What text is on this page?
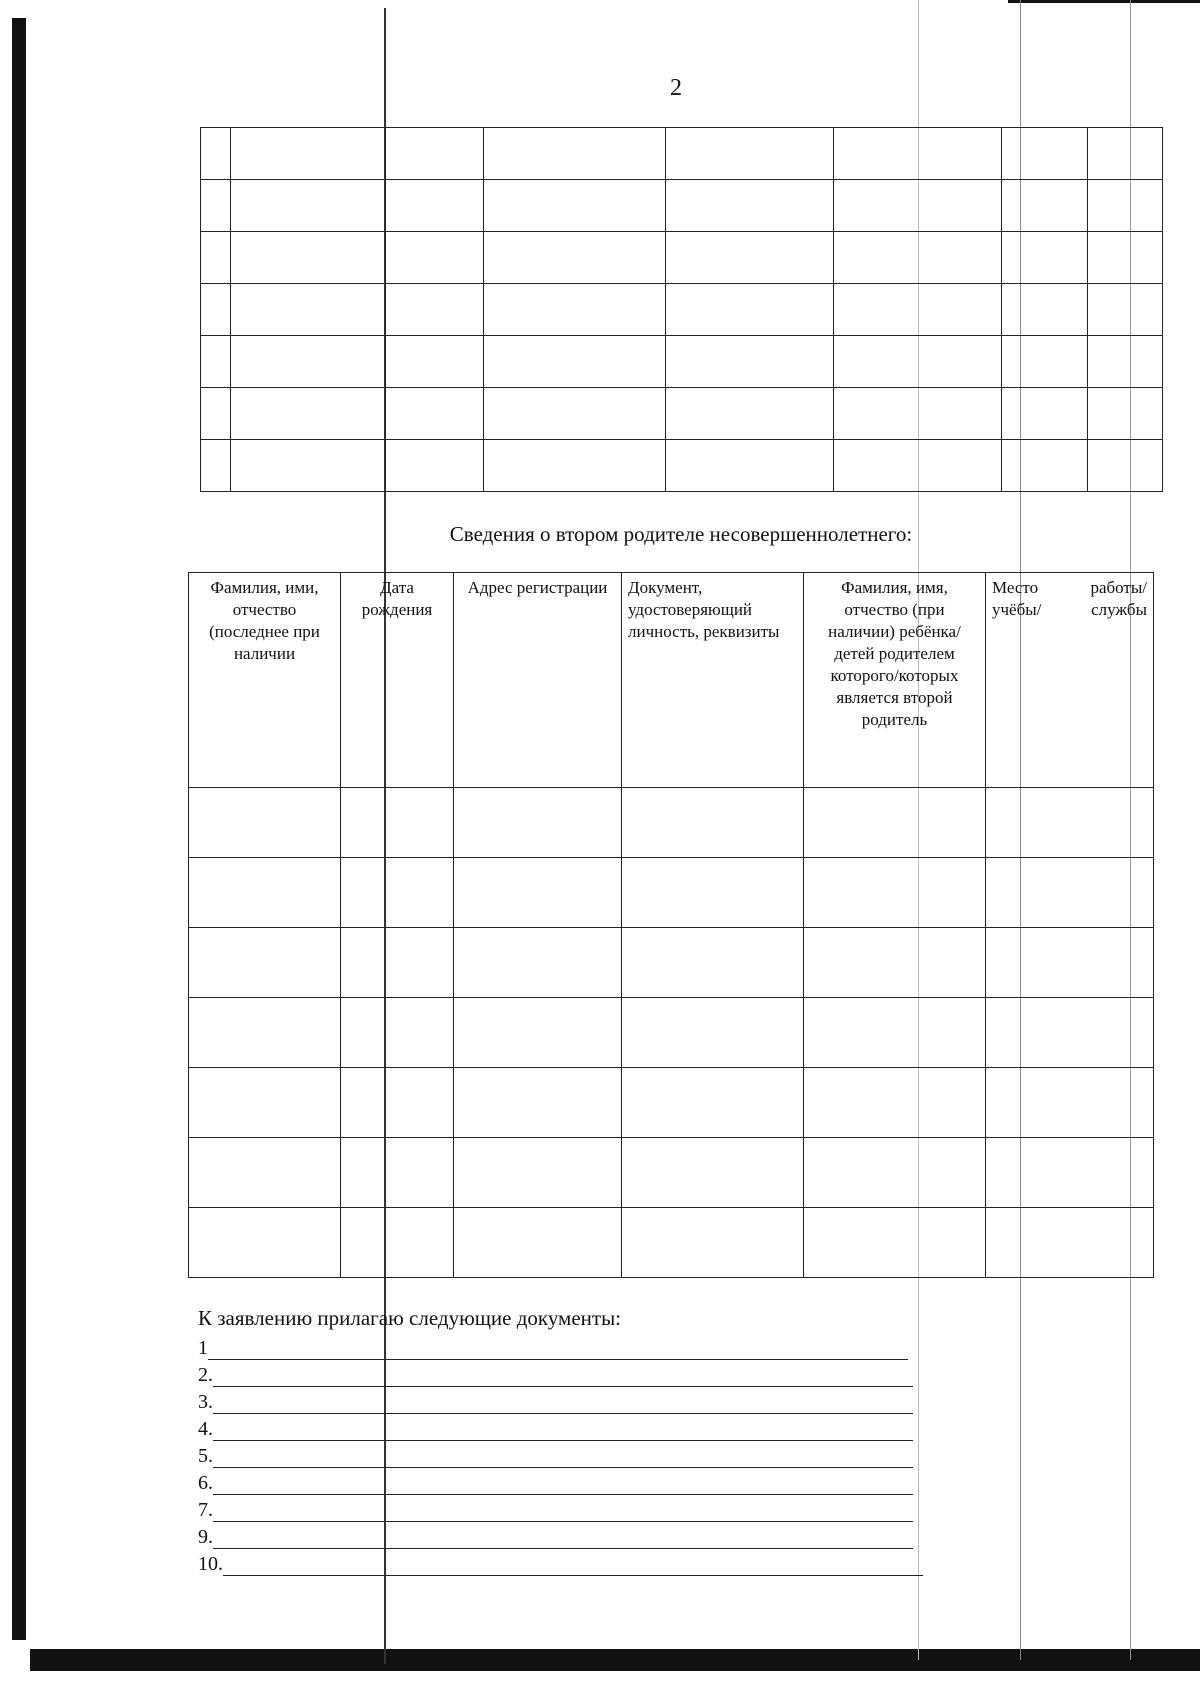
2

Сведения о втором родителе несовершеннолетнего:
Фамилия, ими, отчество (последнее при наличии	Дата рождения	Адрес регистрации	Документ, удостоверяющий личность, реквизиты	Фамилия, имя, отчество (при наличии) ребёнка/ детей родителем которого/которых является второй родитель	Место работы/ учёбы/ службы

К заявлению прилагаю следующие документы:
1
2.
3.
4.
5.
6.
7.
9.
10.
